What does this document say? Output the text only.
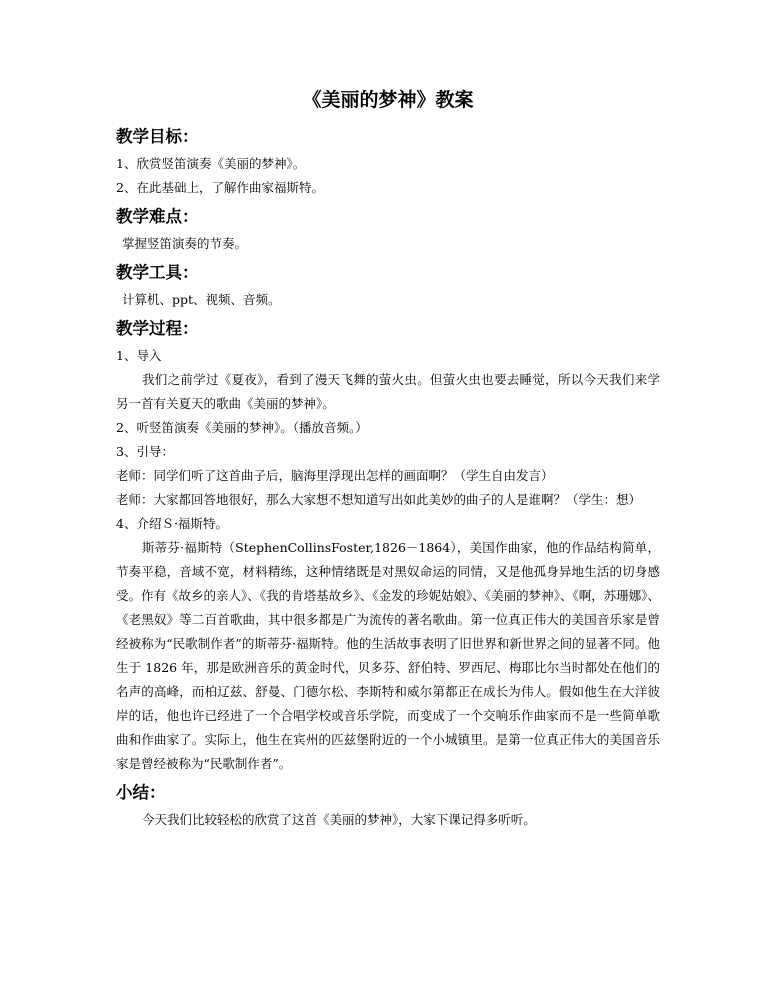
《美丽的梦神》教案
教学目标：

1、欣赏竖笛演奏《美丽的梦神》。

2、在此基础上，了解作曲家福斯特。

教学难点：

掌握竖笛演奏的节奏。

教学工具：

计算机、ppt、视频、音频。

教学过程：

1、导入

我们之前学过《夏夜》，看到了漫天飞舞的萤火虫。但萤火虫也要去睡觉，所以今天我们来学另一首有关夏天的歌曲《美丽的梦神》。

2、听竖笛演奏《美丽的梦神》。（播放音频。）

3、引导：

老师：同学们听了这首曲子后，脑海里浮现出怎样的画面啊？（学生自由发言）

老师：大家都回答地很好，那么大家想不想知道写出如此美妙的曲子的人是谁啊？（学生：想）

4、介绍Ｓ·福斯特。

斯蒂芬·福斯特（StephenCollinsFoster,1826－1864），美国作曲家，他的作品结构简单，节奏平稳，音域不宽，材料精练，这种情绪既是对黑奴命运的同情，又是他孤身异地生活的切身感受。作有《故乡的亲人》、《我的肯塔基故乡》、《金发的珍妮姑娘》、《美丽的梦神》、《啊，苏珊娜》、《老黑奴》等二百首歌曲，其中很多都是广为流传的著名歌曲。第一位真正伟大的美国音乐家是曾经被称为“民歌制作者”的斯蒂芬·福斯特。他的生活故事表明了旧世界和新世界之间的显著不同。他生于 1826 年，那是欧洲音乐的黄金时代，贝多芬、舒伯特、罗西尼、梅耶比尔当时都处在他们的名声的高峰，而柏辽兹、舒曼、门德尔松、李斯特和威尔第都正在成长为伟人。假如他生在大洋彼岸的话，他也许已经进了一个合唱学校或音乐学院，而变成了一个交响乐作曲家而不是一些简单歌曲和作曲家了。实际上，他生在宾州的匹兹堡附近的一个小城镇里。是第一位真正伟大的美国音乐家是曾经被称为“民歌制作者”。

小结：

今天我们比较轻松的欣赏了这首《美丽的梦神》，大家下课记得多听听。
